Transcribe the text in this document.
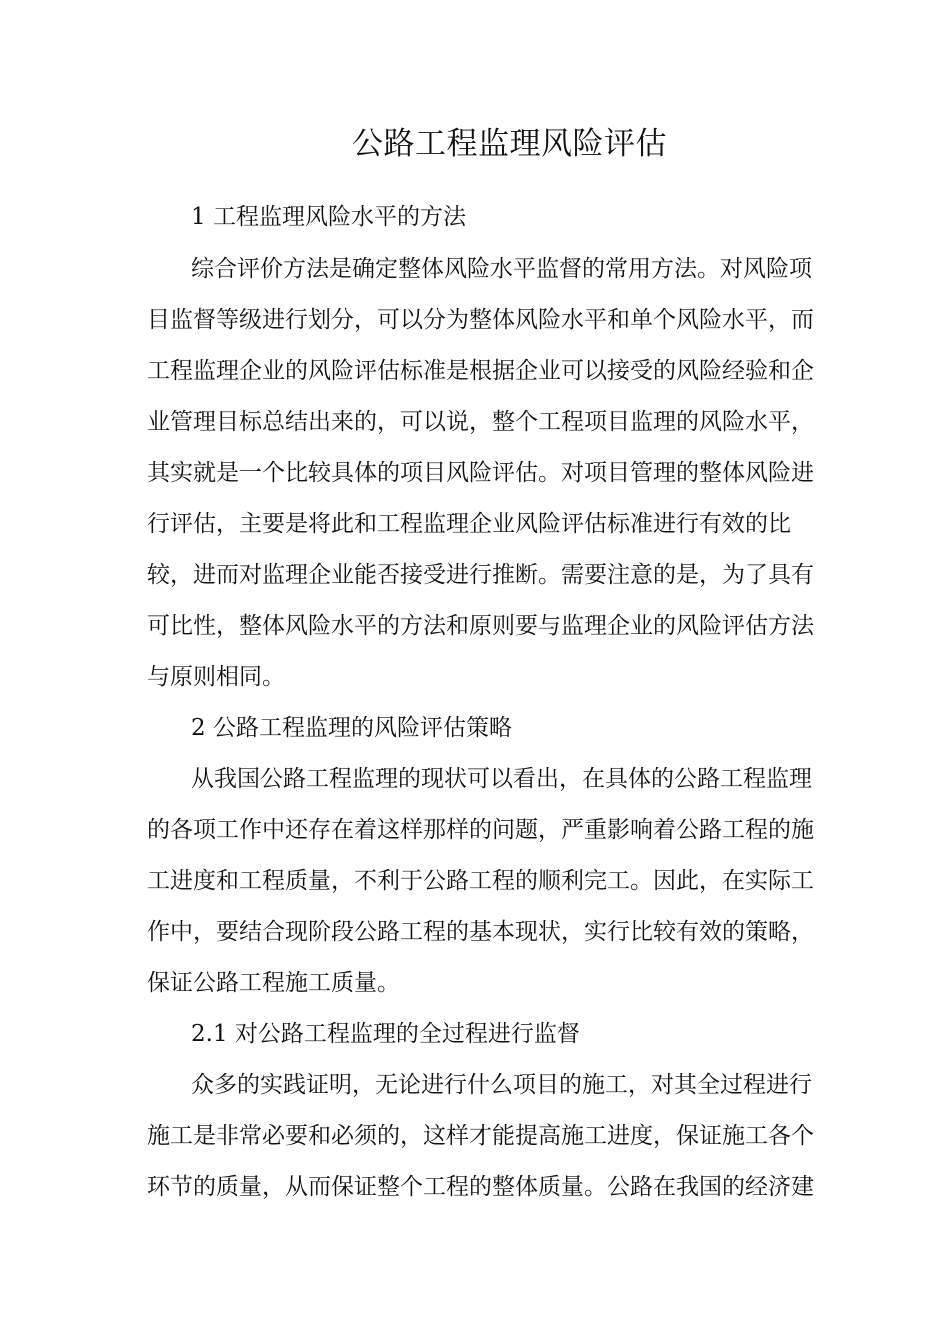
公路工程监理风险评估
1 工程监理风险水平的方法
综合评价方法是确定整体风险水平监督的常用方法。对风险项
目监督等级进行划分，可以分为整体风险水平和单个风险水平，而
工程监理企业的风险评估标准是根据企业可以接受的风险经验和企
业管理目标总结出来的，可以说，整个工程项目监理的风险水平，
其实就是一个比较具体的项目风险评估。对项目管理的整体风险进
行评估，主要是将此和工程监理企业风险评估标准进行有效的比
较，进而对监理企业能否接受进行推断。需要注意的是，为了具有
可比性，整体风险水平的方法和原则要与监理企业的风险评估方法
与原则相同。
2 公路工程监理的风险评估策略
从我国公路工程监理的现状可以看出，在具体的公路工程监理
的各项工作中还存在着这样那样的问题，严重影响着公路工程的施
工进度和工程质量，不利于公路工程的顺利完工。因此，在实际工
作中，要结合现阶段公路工程的基本现状，实行比较有效的策略，
保证公路工程施工质量。
2.1 对公路工程监理的全过程进行监督
众多的实践证明，无论进行什么项目的施工，对其全过程进行
施工是非常必要和必须的，这样才能提高施工进度，保证施工各个
环节的质量，从而保证整个工程的整体质量。公路在我国的经济建
